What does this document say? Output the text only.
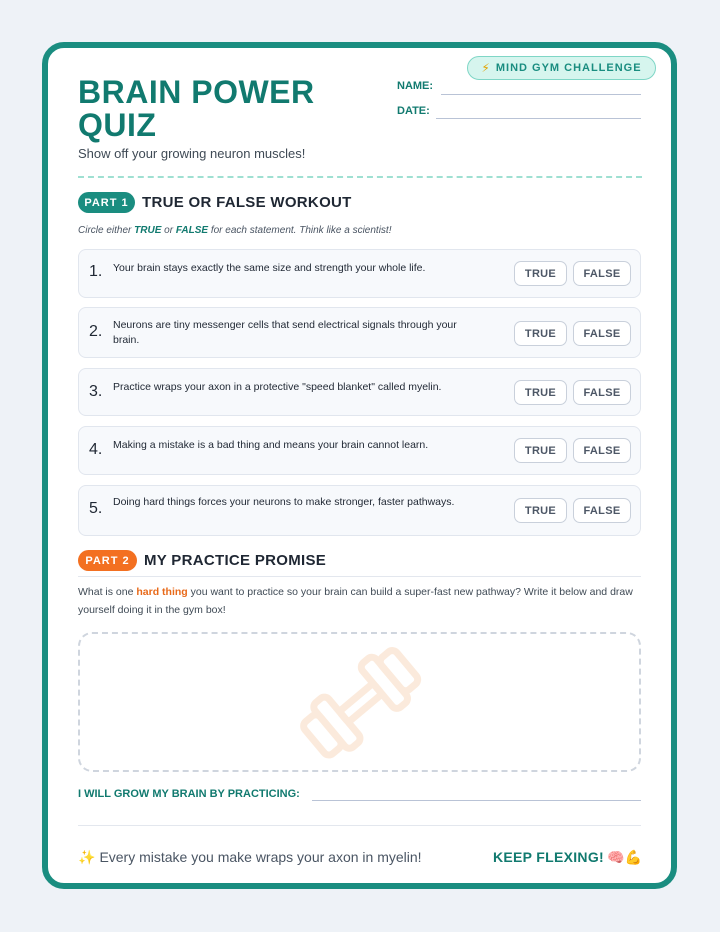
⚡ MIND GYM CHALLENGE
BRAIN POWER QUIZ
Show off your growing neuron muscles!
NAME:
DATE:
PART 1 TRUE OR FALSE WORKOUT
Circle either TRUE or FALSE for each statement. Think like a scientist!
1. Your brain stays exactly the same size and strength your whole life.	TRUE	FALSE
2. Neurons are tiny messenger cells that send electrical signals through your brain.
TRUE	FALSE
3. Practice wraps your axon in a protective "speed blanket" called myelin.	TRUE	FALSE
4. Making a mistake is a bad thing and means your brain cannot learn.	TRUE	FALSE
5. Doing hard things forces your neurons to make stronger, faster pathways.
TRUE	FALSE
PART 2 MY PRACTICE PROMISE
What is one hard thing you want to practice so your brain can build a super-fast new pathway? Write it below and draw yourself doing it in the gym box!
I WILL GROW MY BRAIN BY PRACTICING:
✨ Every mistake you make wraps your axon in myelin!	KEEP FLEXING! 🧠💪
